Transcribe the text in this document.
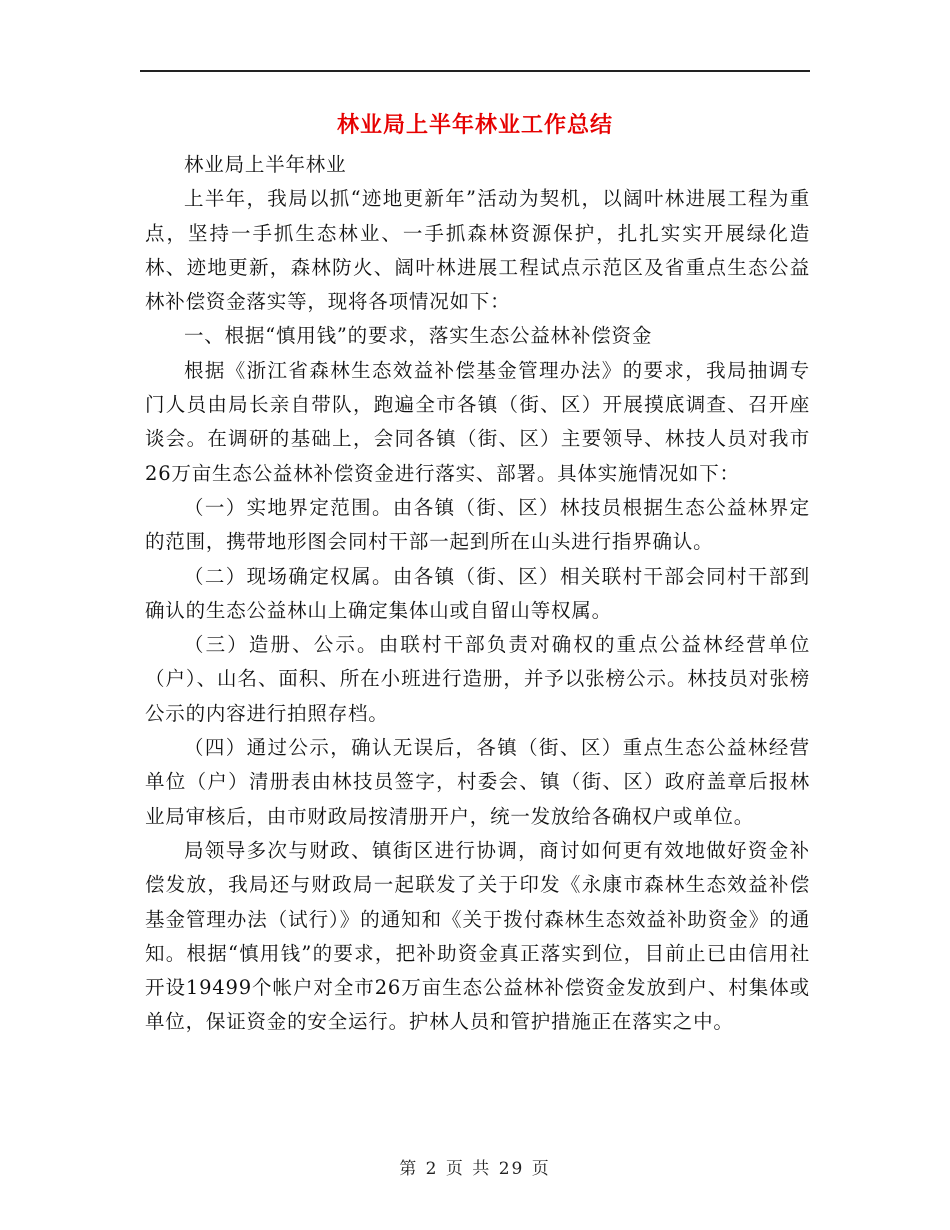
林业局上半年林业工作总结

林业局上半年林业

上半年，我局以抓“迹地更新年”活动为契机，以阔叶林进展工程为重点，坚持一手抓生态林业、一手抓森林资源保护，扎扎实实开展绿化造林、迹地更新，森林防火、阔叶林进展工程试点示范区及省重点生态公益林补偿资金落实等，现将各项情况如下：

一、根据“慎用钱”的要求，落实生态公益林补偿资金

根据《浙江省森林生态效益补偿基金管理办法》的要求，我局抽调专门人员由局长亲自带队，跑遍全市各镇（街、区）开展摸底调查、召开座谈会。在调研的基础上，会同各镇（街、区）主要领导、林技人员对我市26万亩生态公益林补偿资金进行落实、部署。具体实施情况如下：

（一）实地界定范围。由各镇（街、区）林技员根据生态公益林界定的范围，携带地形图会同村干部一起到所在山头进行指界确认。

（二）现场确定权属。由各镇（街、区）相关联村干部会同村干部到确认的生态公益林山上确定集体山或自留山等权属。

（三）造册、公示。由联村干部负责对确权的重点公益林经营单位（户）、山名、面积、所在小班进行造册，并予以张榜公示。林技员对张榜公示的内容进行拍照存档。

（四）通过公示，确认无误后，各镇（街、区）重点生态公益林经营单位（户）清册表由林技员签字，村委会、镇（街、区）政府盖章后报林业局审核后，由市财政局按清册开户，统一发放给各确权户或单位。

局领导多次与财政、镇街区进行协调，商讨如何更有效地做好资金补偿发放，我局还与财政局一起联发了关于印发《永康市森林生态效益补偿基金管理办法（试行）》的通知和《关于拨付森林生态效益补助资金》的通知。根据“慎用钱”的要求，把补助资金真正落实到位，目前止已由信用社开设19499个帐户对全市26万亩生态公益林补偿资金发放到户、村集体或单位，保证资金的安全运行。护林人员和管护措施正在落实之中。

第 2 页 共 29 页
